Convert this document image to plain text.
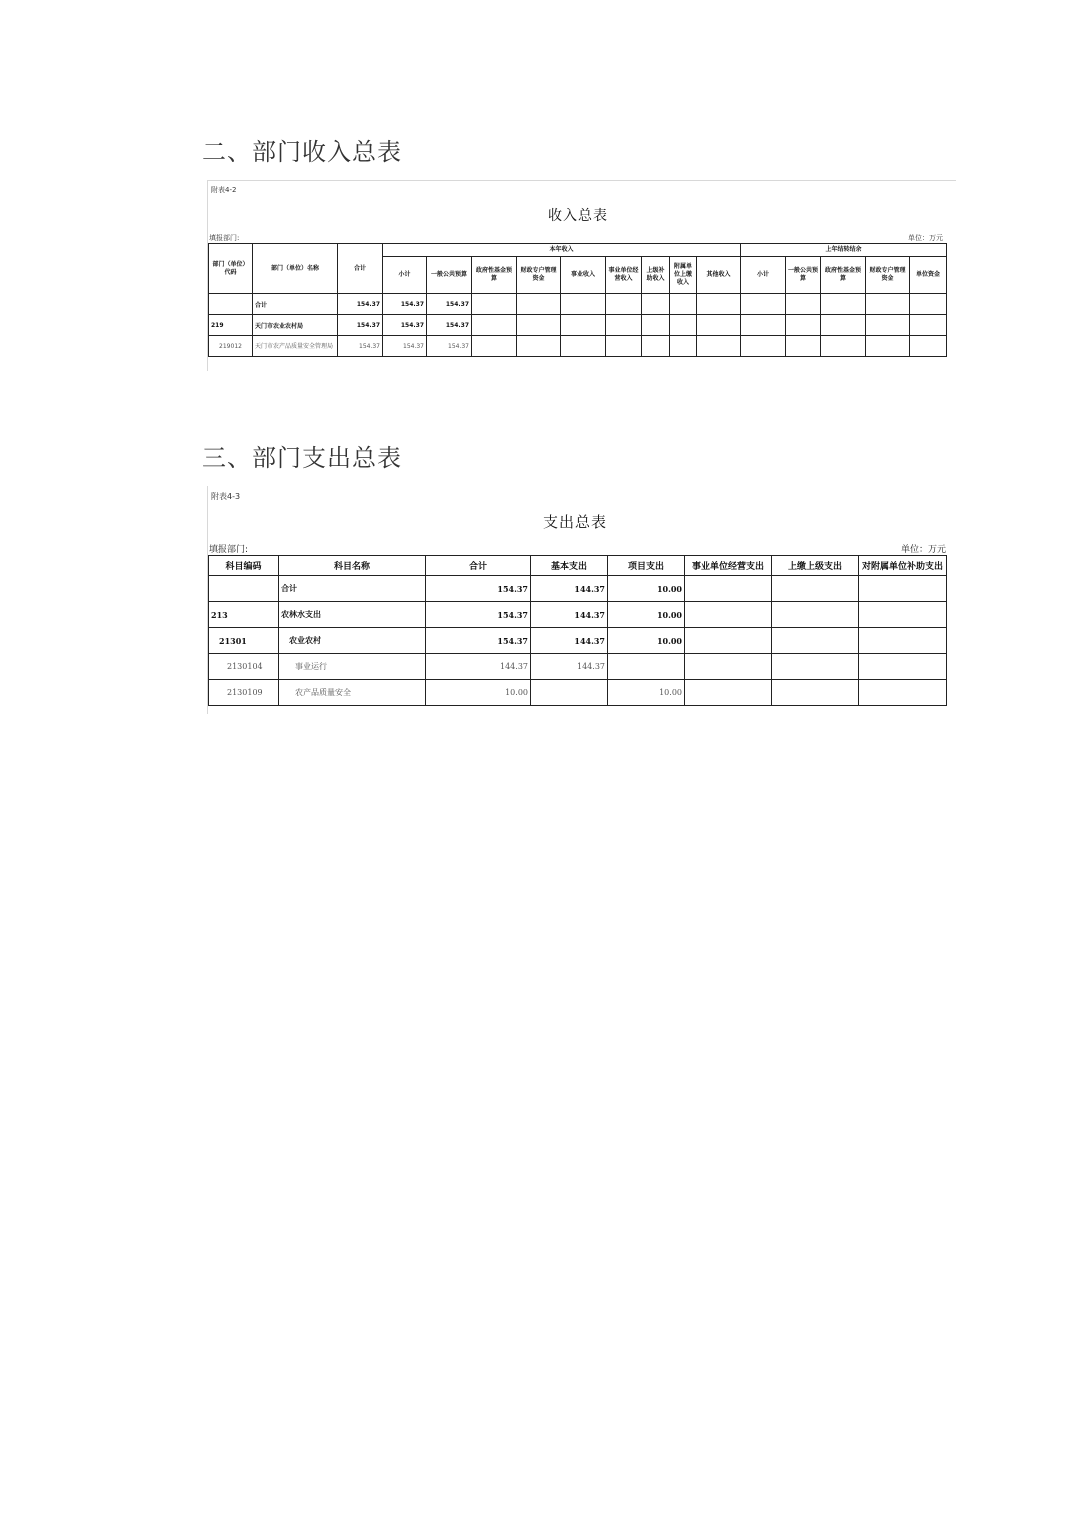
二、部门收入总表
附表4-2
收入总表
填报部门:	单位：万元
部门（单位）代码	部门（单位）名称	合计	本年收入									上年结转结余				
			小计	一般公共预算	政府性基金预算	财政专户管理资金	事业收入	事业单位经营收入	上级补助收入	附属单位上缴收入	其他收入	小计	一般公共预算	政府性基金预算	财政专户管理资金	单位资金
	合计	154.37	154.37	154.37												
219	天门市农业农村局	154.37	154.37	154.37												
219012	天门市农产品质量安全管理局	154.37	154.37	154.37												
三、部门支出总表
附表4-3
支出总表
填报部门:	单位：万元
科目编码	科目名称	合计	基本支出	项目支出	事业单位经营支出	上缴上级支出	对附属单位补助支出
	合计	154.37	144.37	10.00			
213	农林水支出	154.37	144.37	10.00			
21301	农业农村	154.37	144.37	10.00			
2130104	事业运行	144.37	144.37				
2130109	农产品质量安全	10.00		10.00			
